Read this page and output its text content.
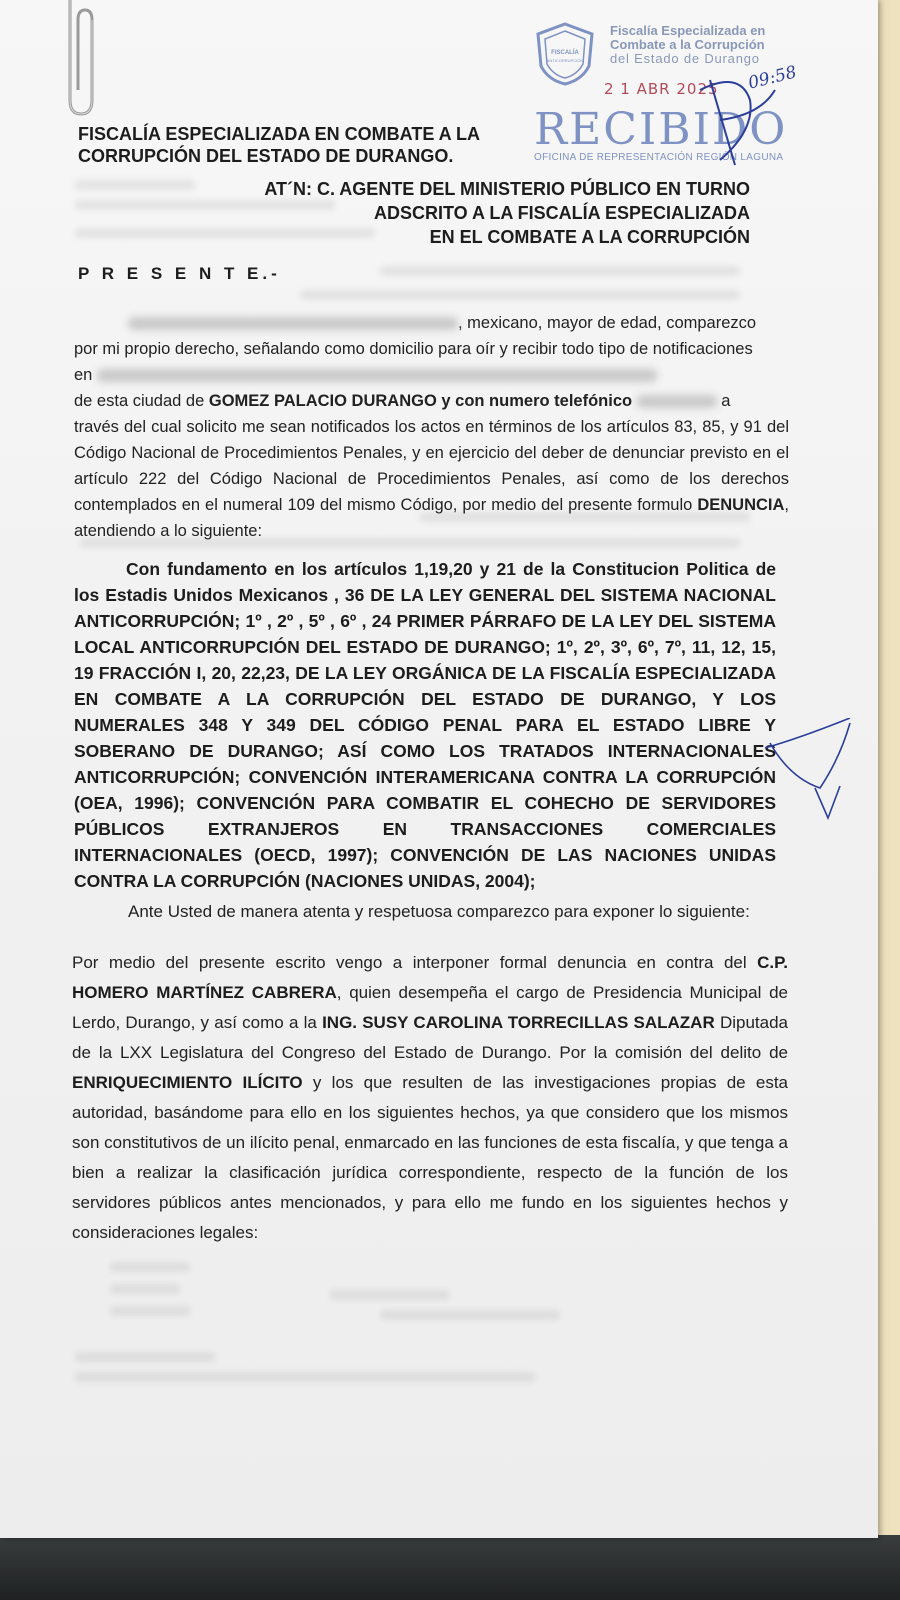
FISCALÍA
ANTICORRUPCIÓN
Fiscalía Especializada en
Combate a la Corrupción
del Estado de Durango
2 1 ABR 2025 09:58
RECIBIDO
OFICINA DE REPRESENTACIÓN REGIÓN LAGUNA
FISCALÍA ESPECIALIZADA EN COMBATE A LA
CORRUPCIÓN DEL ESTADO DE DURANGO.
AT´N: C. AGENTE DEL MINISTERIO PÚBLICO EN TURNO
ADSCRITO A LA FISCALÍA ESPECIALIZADA
EN EL COMBATE A LA CORRUPCIÓN
P R E S E N T E.-
, mexicano, mayor de edad, comparezco
por mi propio derecho, señalando como domicilio para oír y recibir todo tipo de notificaciones
en
de esta ciudad de GOMEZ PALACIO DURANGO y con numero telefónico	a
través del cual solicito me sean notificados los actos en términos de los artículos 83, 85, y 91 del Código Nacional de Procedimientos Penales, y en ejercicio del deber de denunciar previsto en el artículo 222 del Código Nacional de Procedimientos Penales, así como de los derechos contemplados en el numeral 109 del mismo Código, por medio del presente formulo DENUNCIA, atendiendo a lo siguiente:
Con fundamento en los artículos 1,19,20 y 21 de la Constitucion Politica de los Estadis Unidos Mexicanos , 36 DE LA LEY GENERAL DEL SISTEMA NACIONAL ANTICORRUPCIÓN; 1º , 2º , 5º , 6º , 24 PRIMER PÁRRAFO DE LA LEY DEL SISTEMA LOCAL ANTICORRUPCIÓN DEL ESTADO DE DURANGO; 1º, 2º, 3º, 6º, 7º, 11, 12, 15, 19 FRACCIÓN I, 20, 22,23, DE LA LEY ORGÁNICA DE LA FISCALÍA ESPECIALIZADA EN COMBATE A LA CORRUPCIÓN DEL ESTADO DE DURANGO, Y LOS NUMERALES 348 Y 349 DEL CÓDIGO PENAL PARA EL ESTADO LIBRE Y SOBERANO DE DURANGO; ASÍ COMO LOS TRATADOS INTERNACIONALES ANTICORRUPCIÓN; CONVENCIÓN INTERAMERICANA CONTRA LA CORRUPCIÓN (OEA, 1996); CONVENCIÓN PARA COMBATIR EL COHECHO DE SERVIDORES PÚBLICOS EXTRANJEROS EN TRANSACCIONES COMERCIALES INTERNACIONALES (OECD, 1997); CONVENCIÓN DE LAS NACIONES UNIDAS CONTRA LA CORRUPCIÓN (NACIONES UNIDAS, 2004);
Ante Usted de manera atenta y respetuosa comparezco para exponer lo siguiente:
Por medio del presente escrito vengo a interponer formal denuncia en contra del C.P. HOMERO MARTÍNEZ CABRERA, quien desempeña el cargo de Presidencia Municipal de Lerdo, Durango, y así como a la ING. SUSY CAROLINA TORRECILLAS SALAZAR Diputada de la LXX Legislatura del Congreso del Estado de Durango. Por la comisión del delito de ENRIQUECIMIENTO ILÍCITO y los que resulten de las investigaciones propias de esta autoridad, basándome para ello en los siguientes hechos, ya que considero que los mismos son constitutivos de un ilícito penal, enmarcado en las funciones de esta fiscalía, y que tenga a bien a realizar la clasificación jurídica correspondiente, respecto de la función de los servidores públicos antes mencionados, y para ello me fundo en los siguientes hechos y consideraciones legales:
